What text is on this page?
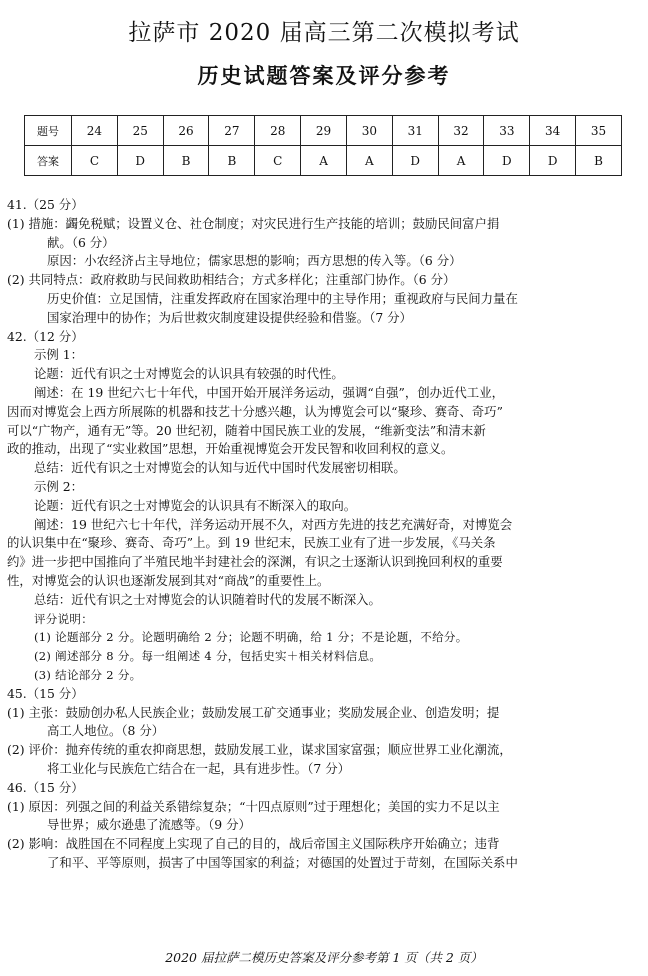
拉萨市 2020 届高三第二次模拟考试
历史试题答案及评分参考
题号	24	25	26	27	28	29	30	31	32	33	34	35
答案	C	D	B	B	C	A	A	D	A	D	D	B
41.（25 分）
(1) 措施：蠲免税赋；设置义仓、社仓制度；对灾民进行生产技能的培训；鼓励民间富户捐
献。（6 分）
原因：小农经济占主导地位；儒家思想的影响；西方思想的传入等。（6 分）
(2) 共同特点：政府救助与民间救助相结合；方式多样化；注重部门协作。（6 分）
历史价值：立足国情，注重发挥政府在国家治理中的主导作用；重视政府与民间力量在
国家治理中的协作；为后世救灾制度建设提供经验和借鉴。（7 分）
42.（12 分）
示例 1：
论题：近代有识之士对博览会的认识具有较强的时代性。
阐述：在 19 世纪六七十年代，中国开始开展洋务运动，强调“自强”，创办近代工业，
因而对博览会上西方所展陈的机器和技艺十分感兴趣，认为博览会可以“聚珍、赛奇、奇巧”
可以“广物产，通有无”等。20 世纪初，随着中国民族工业的发展，“维新变法”和清末新
政的推动，出现了“实业救国”思想，开始重视博览会开发民智和收回利权的意义。
总结：近代有识之士对博览会的认知与近代中国时代发展密切相联。
示例 2：
论题：近代有识之士对博览会的认识具有不断深入的取向。
阐述：19 世纪六七十年代，洋务运动开展不久，对西方先进的技艺充满好奇，对博览会
的认识集中在“聚珍、赛奇、奇巧”上。到 19 世纪末，民族工业有了进一步发展，《马关条
约》进一步把中国推向了半殖民地半封建社会的深渊，有识之士逐渐认识到挽回利权的重要
性，对博览会的认识也逐渐发展到其对“商战”的重要性上。
总结：近代有识之士对博览会的认识随着时代的发展不断深入。
评分说明：
(1) 论题部分 2 分。论题明确给 2 分；论题不明确，给 1 分；不是论题，不给分。
(2) 阐述部分 8 分。每一组阐述 4 分，包括史实＋相关材料信息。
(3) 结论部分 2 分。
45.（15 分）
(1) 主张：鼓励创办私人民族企业；鼓励发展工矿交通事业；奖励发展企业、创造发明；提
高工人地位。（8 分）
(2) 评价：抛弃传统的重农抑商思想，鼓励发展工业，谋求国家富强；顺应世界工业化潮流，
将工业化与民族危亡结合在一起，具有进步性。（7 分）
46.（15 分）
(1) 原因：列强之间的利益关系错综复杂；“十四点原则”过于理想化；美国的实力不足以主
导世界；威尔逊患了流感等。（9 分）
(2) 影响：战胜国在不同程度上实现了自己的目的，战后帝国主义国际秩序开始确立；违背
了和平、平等原则，损害了中国等国家的利益；对德国的处置过于苛刻，在国际关系中
2020 届拉萨二模历史答案及评分参考第 1 页（共 2 页）
